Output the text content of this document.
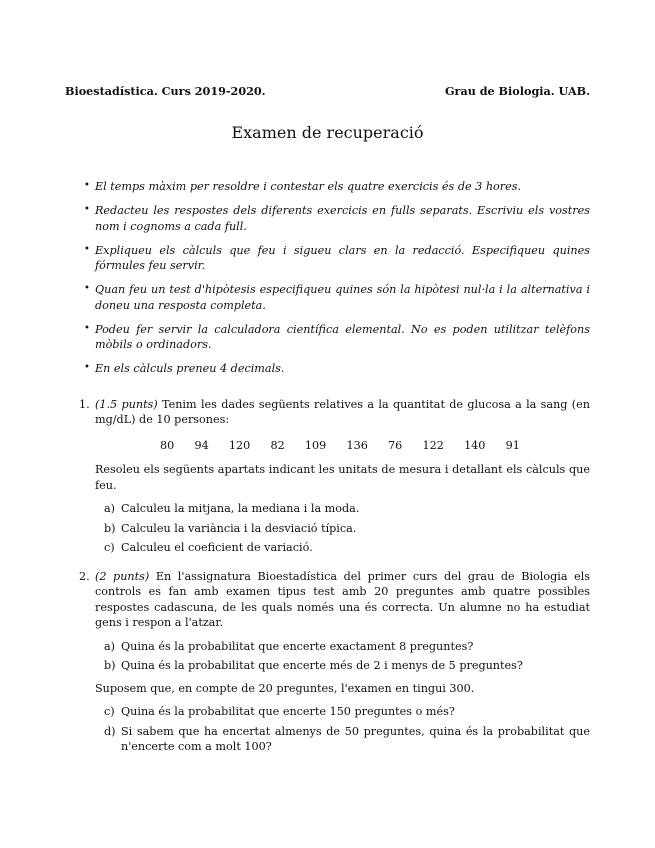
Bioestadística. Curs 2019-2020.	Grau de Biologia. UAB.
Examen de recuperació
• El temps màxim per resoldre i contestar els quatre exercicis és de 3 hores.
• Redacteu les respostes dels diferents exercicis en fulls separats. Escriviu els vostres nom i cognoms a cada full.
• Expliqueu els càlculs que feu i sigueu clars en la redacció. Especifiqueu quines fórmules feu servir.
• Quan feu un test d'hipòtesis especifiqueu quines són la hipòtesi nul·la i la alternativa i doneu una resposta completa.
• Podeu fer servir la calculadora científica elemental. No es poden utilitzar telèfons mòbils o ordinadors.
• En els càlculs preneu 4 decimals.
1. (1.5 punts) Tenim les dades següents relatives a la quantitat de glucosa a la sang (en mg/dL) de 10 persones:

80 94 120 82 109 136 76 122 140 91

Resoleu els següents apartats indicant les unitats de mesura i detallant els càlculs que feu.

a) Calculeu la mitjana, la mediana i la moda.
b) Calculeu la variància i la desviació típica.
c) Calculeu el coeficient de variació.
2. (2 punts) En l'assignatura Bioestadística del primer curs del grau de Biologia els controls es fan amb examen tipus test amb 20 preguntes amb quatre possibles respostes cadascuna, de les quals només una és correcta. Un alumne no ha estudiat gens i respon a l'atzar.

a) Quina és la probabilitat que encerte exactament 8 preguntes?
b) Quina és la probabilitat que encerte més de 2 i menys de 5 preguntes?

Suposem que, en compte de 20 preguntes, l'examen en tingui 300.

c) Quina és la probabilitat que encerte 150 preguntes o més?
d) Si sabem que ha encertat almenys de 50 preguntes, quina és la probabilitat que n'encerte com a molt 100?
